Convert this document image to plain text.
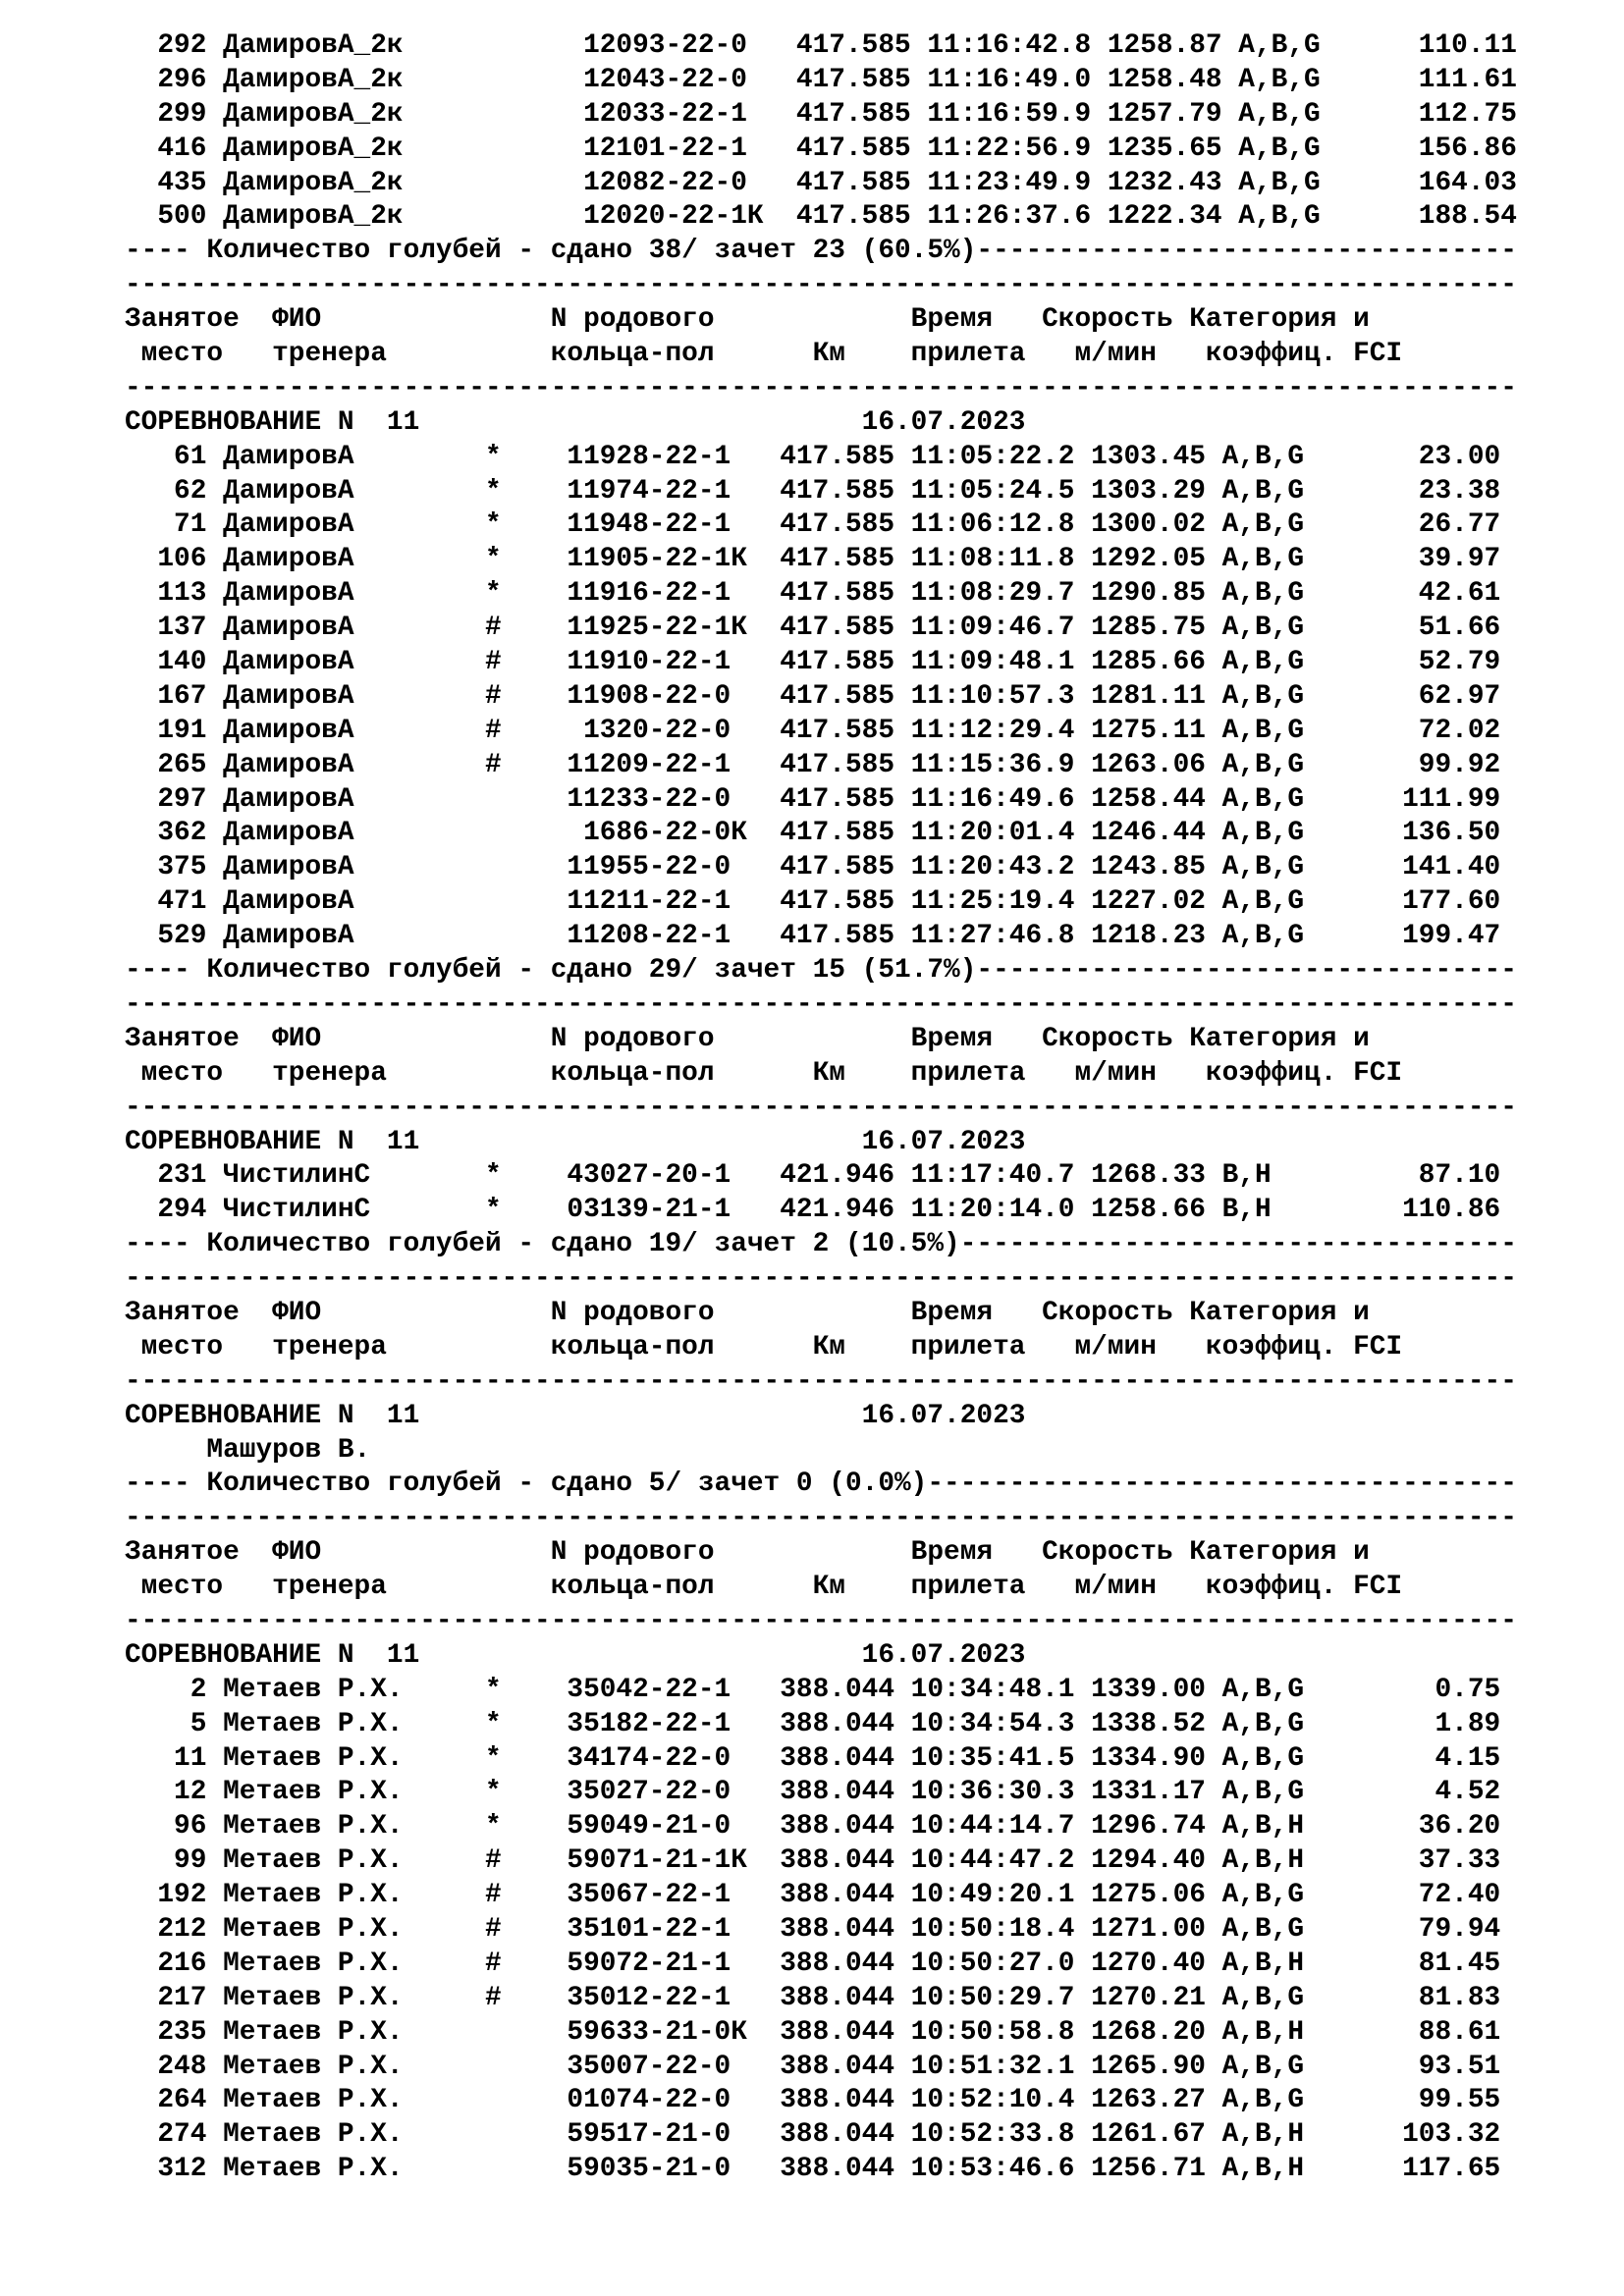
292 ДамировА_2к           12093-22-0   417.585 11:16:42.8 1258.87 A,B,G      110.11
296 ДамировА_2к           12043-22-0   417.585 11:16:49.0 1258.48 A,B,G      111.61
299 ДамировА_2к           12033-22-1   417.585 11:16:59.9 1257.79 A,B,G      112.75
416 ДамировА_2к           12101-22-1   417.585 11:22:56.9 1235.65 A,B,G      156.86
435 ДамировА_2к           12082-22-0   417.585 11:23:49.9 1232.43 A,B,G      164.03
500 ДамировА_2к           12020-22-1К  417.585 11:26:37.6 1222.34 A,B,G      188.54
---- Количество голубей - сдано 38/ зачет 23 (60.5%)---------------------------------
-------------------------------------------------------------------------------------
Занятое  ФИО              N родового            Время   Скорость Категория и
место   тренера          кольца-пол      Км    прилета   м/мин   коэффиц. FCI
-------------------------------------------------------------------------------------
СОРЕВНОВАНИЕ N  11                           16.07.2023
61 ДамировА        *    11928-22-1   417.585 11:05:22.2 1303.45 A,B,G       23.00
62 ДамировА        *    11974-22-1   417.585 11:05:24.5 1303.29 A,B,G       23.38
71 ДамировА        *    11948-22-1   417.585 11:06:12.8 1300.02 A,B,G       26.77
106 ДамировА        *    11905-22-1К  417.585 11:08:11.8 1292.05 A,B,G       39.97
113 ДамировА        *    11916-22-1   417.585 11:08:29.7 1290.85 A,B,G       42.61
137 ДамировА        #    11925-22-1К  417.585 11:09:46.7 1285.75 A,B,G       51.66
140 ДамировА        #    11910-22-1   417.585 11:09:48.1 1285.66 A,B,G       52.79
167 ДамировА        #    11908-22-0   417.585 11:10:57.3 1281.11 A,B,G       62.97
191 ДамировА        #     1320-22-0   417.585 11:12:29.4 1275.11 A,B,G       72.02
265 ДамировА        #    11209-22-1   417.585 11:15:36.9 1263.06 A,B,G       99.92
297 ДамировА             11233-22-0   417.585 11:16:49.6 1258.44 A,B,G      111.99
362 ДамировА              1686-22-0К  417.585 11:20:01.4 1246.44 A,B,G      136.50
375 ДамировА             11955-22-0   417.585 11:20:43.2 1243.85 A,B,G      141.40
471 ДамировА             11211-22-1   417.585 11:25:19.4 1227.02 A,B,G      177.60
529 ДамировА             11208-22-1   417.585 11:27:46.8 1218.23 A,B,G      199.47
---- Количество голубей - сдано 29/ зачет 15 (51.7%)---------------------------------
-------------------------------------------------------------------------------------
Занятое  ФИО              N родового            Время   Скорость Категория и
место   тренера          кольца-пол      Км    прилета   м/мин   коэффиц. FCI
-------------------------------------------------------------------------------------
СОРЕВНОВАНИЕ N  11                           16.07.2023
231 ЧистилинС       *    43027-20-1   421.946 11:17:40.7 1268.33 B,H         87.10
294 ЧистилинС       *    03139-21-1   421.946 11:20:14.0 1258.66 B,H        110.86
---- Количество голубей - сдано 19/ зачет 2 (10.5%)----------------------------------
-------------------------------------------------------------------------------------
Занятое  ФИО              N родового            Время   Скорость Категория и
место   тренера          кольца-пол      Км    прилета   м/мин   коэффиц. FCI
-------------------------------------------------------------------------------------
СОРЕВНОВАНИЕ N  11                           16.07.2023
Машуров В.
---- Количество голубей - сдано 5/ зачет 0 (0.0%)------------------------------------
-------------------------------------------------------------------------------------
Занятое  ФИО              N родового            Время   Скорость Категория и
место   тренера          кольца-пол      Км    прилета   м/мин   коэффиц. FCI
-------------------------------------------------------------------------------------
СОРЕВНОВАНИЕ N  11                           16.07.2023
2 Метаев Р.Х.     *    35042-22-1   388.044 10:34:48.1 1339.00 A,B,G        0.75
5 Метаев Р.Х.     *    35182-22-1   388.044 10:34:54.3 1338.52 A,B,G        1.89
11 Метаев Р.Х.     *    34174-22-0   388.044 10:35:41.5 1334.90 A,B,G        4.15
12 Метаев Р.Х.     *    35027-22-0   388.044 10:36:30.3 1331.17 A,B,G        4.52
96 Метаев Р.Х.     *    59049-21-0   388.044 10:44:14.7 1296.74 A,B,H       36.20
99 Метаев Р.Х.     #    59071-21-1К  388.044 10:44:47.2 1294.40 A,B,H       37.33
192 Метаев Р.Х.     #    35067-22-1   388.044 10:49:20.1 1275.06 A,B,G       72.40
212 Метаев Р.Х.     #    35101-22-1   388.044 10:50:18.4 1271.00 A,B,G       79.94
216 Метаев Р.Х.     #    59072-21-1   388.044 10:50:27.0 1270.40 A,B,H       81.45
217 Метаев Р.Х.     #    35012-22-1   388.044 10:50:29.7 1270.21 A,B,G       81.83
235 Метаев Р.Х.          59633-21-0К  388.044 10:50:58.8 1268.20 A,B,H       88.61
248 Метаев Р.Х.          35007-22-0   388.044 10:51:32.1 1265.90 A,B,G       93.51
264 Метаев Р.Х.          01074-22-0   388.044 10:52:10.4 1263.27 A,B,G       99.55
274 Метаев Р.Х.          59517-21-0   388.044 10:52:33.8 1261.67 A,B,H      103.32
312 Метаев Р.Х.          59035-21-0   388.044 10:53:46.6 1256.71 A,B,H      117.65
